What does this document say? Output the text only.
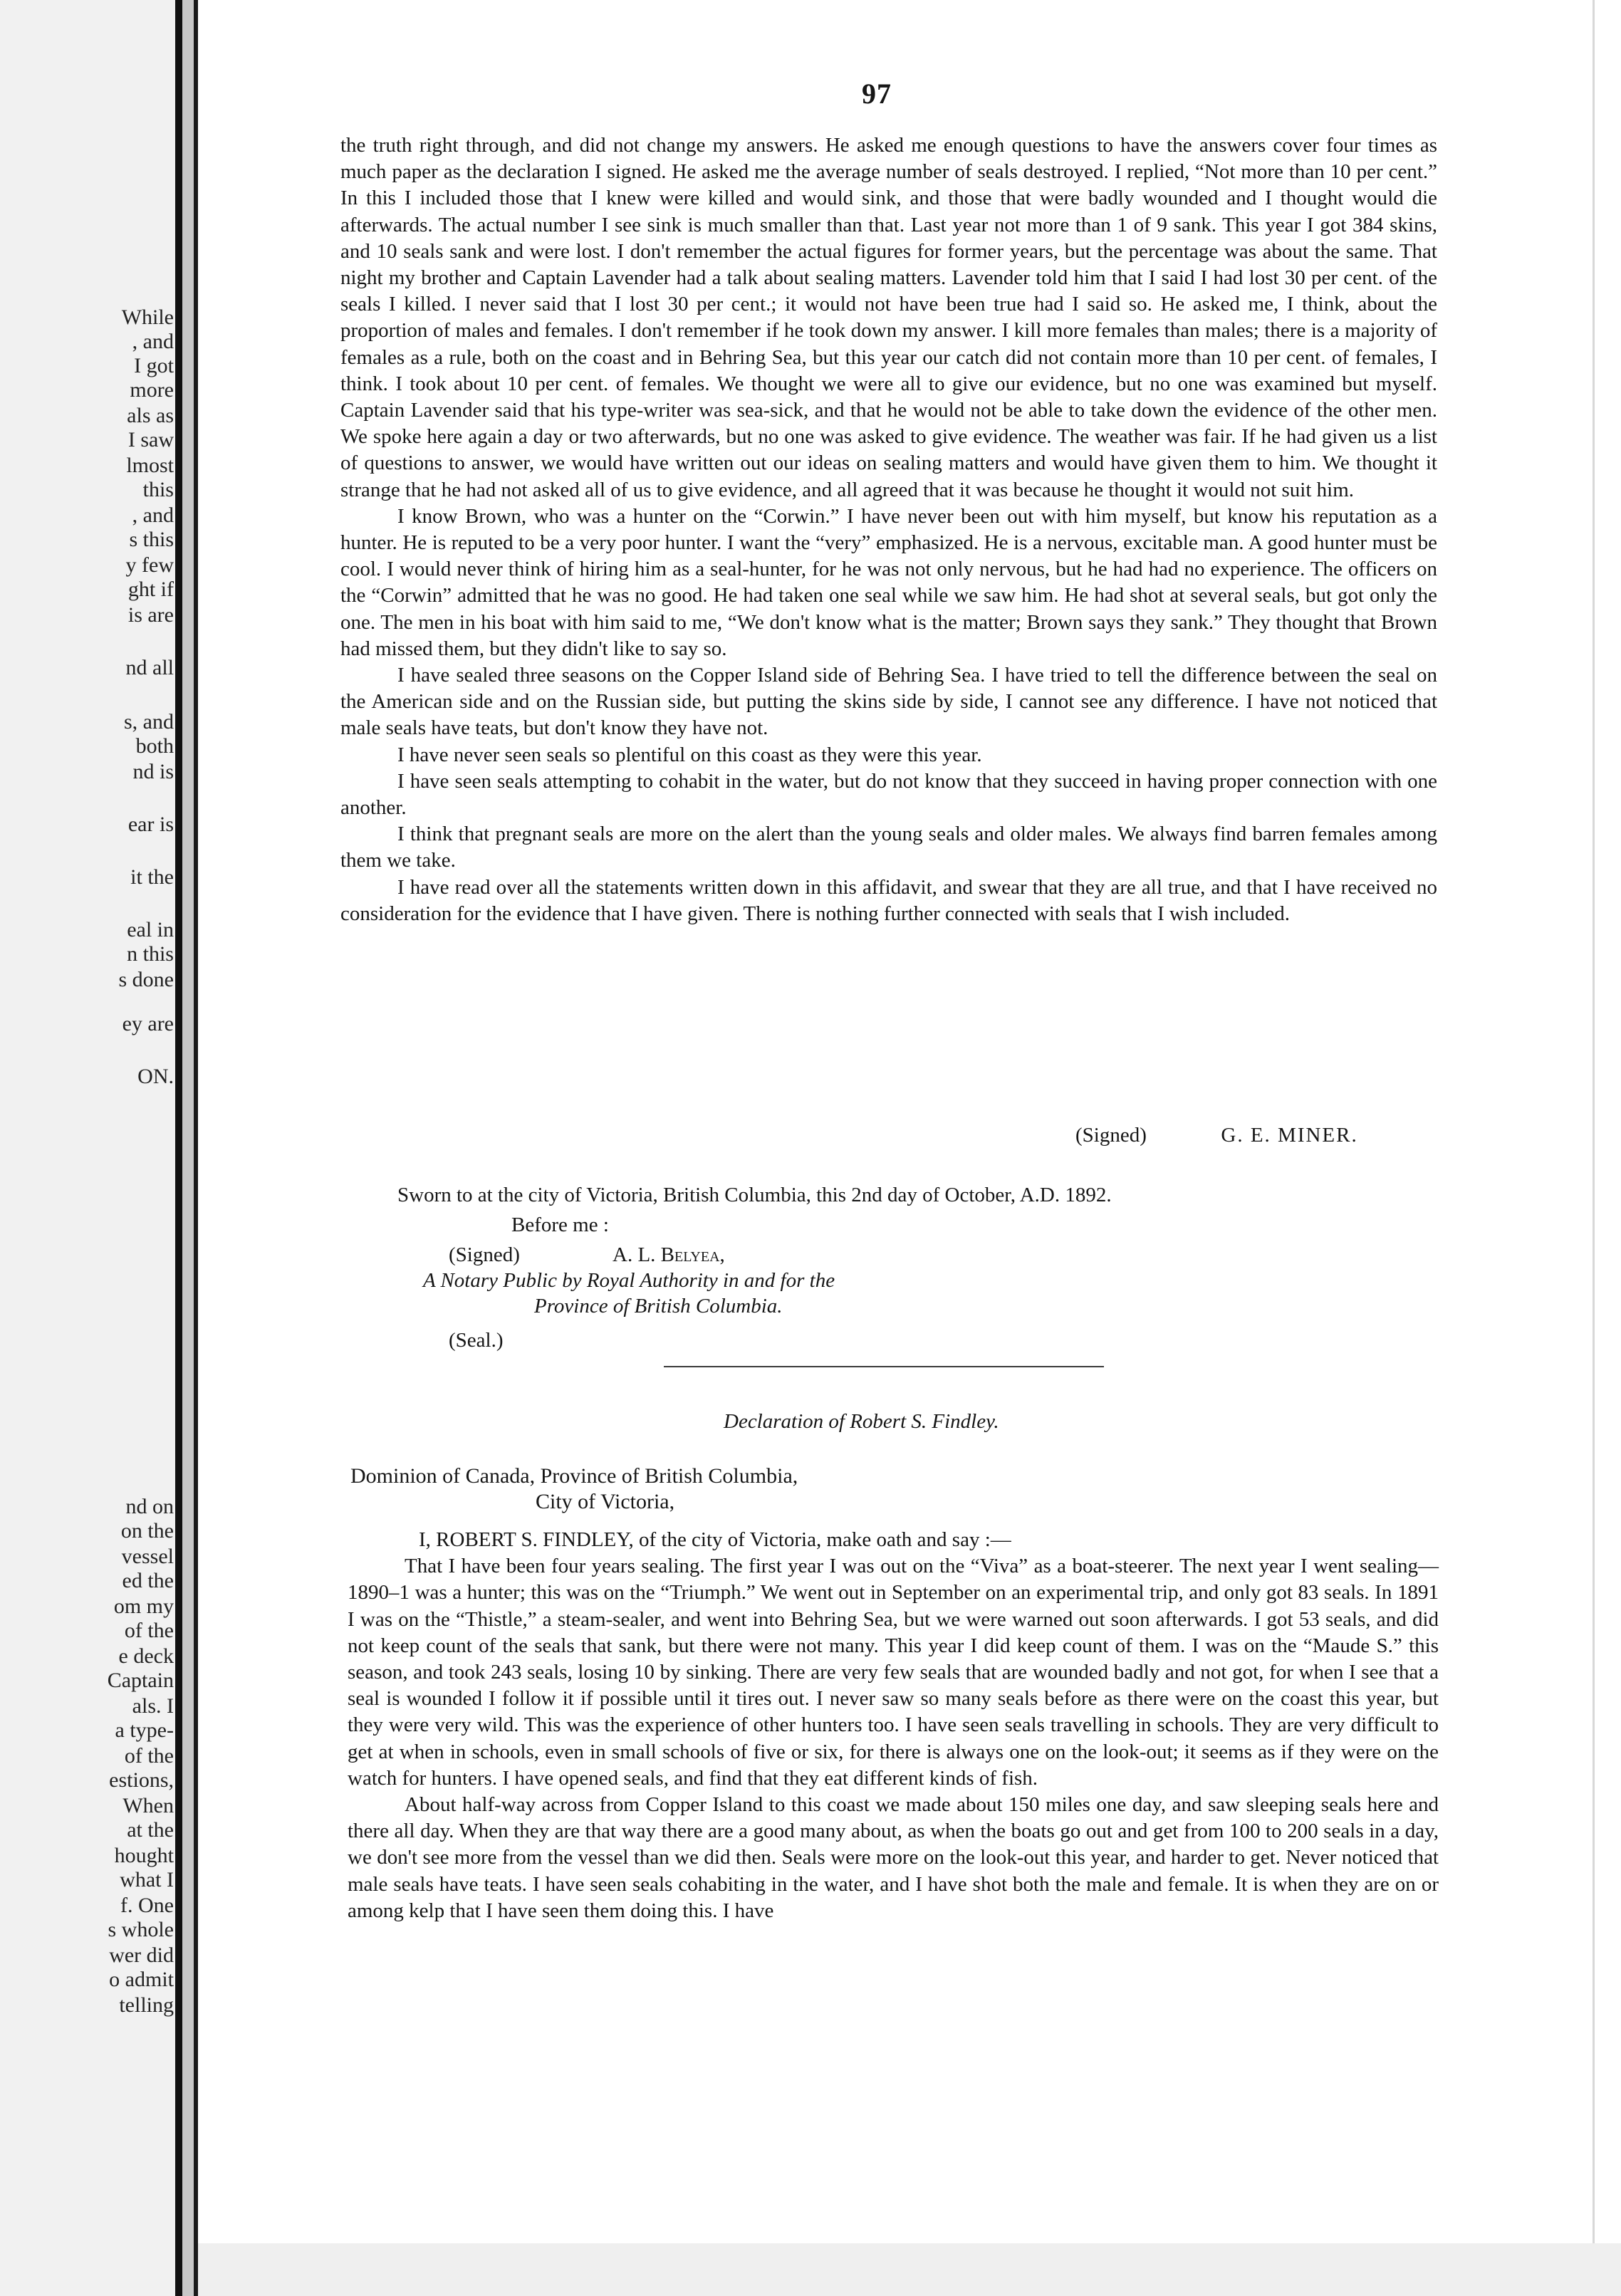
While
, and
I got
more
als as
I saw
lmost
this
, and
s this
y few
ght if
is are
nd all
s, and
both
nd is
ear is
it the
eal in
n this
s done
ey are
ON.
nd on
on the
vessel
ed the
om my
of the
e deck
Captain
als. I
a type-
of the
estions,
When
at the
hought
what I
f. One
s whole
wer did
o admit
telling
97

the truth right through, and did not change my answers. He asked me enough questions to have the answers cover four times as much paper as the declaration I signed. He asked me the average number of seals destroyed. I replied, “Not more than 10 per cent.” In this I included those that I knew were killed and would sink, and those that were badly wounded and I thought would die afterwards. The actual number I see sink is much smaller than that. Last year not more than 1 of 9 sank. This year I got 384 skins, and 10 seals sank and were lost. I don't remember the actual figures for former years, but the percentage was about the same. That night my brother and Captain Lavender had a talk about sealing matters. Lavender told him that I said I had lost 30 per cent. of the seals I killed. I never said that I lost 30 per cent.; it would not have been true had I said so. He asked me, I think, about the proportion of males and females. I don't remember if he took down my answer. I kill more females than males; there is a majority of females as a rule, both on the coast and in Behring Sea, but this year our catch did not contain more than 10 per cent. of females, I think. I took about 10 per cent. of females. We thought we were all to give our evidence, but no one was examined but myself. Captain Lavender said that his type-writer was sea-sick, and that he would not be able to take down the evidence of the other men. We spoke here again a day or two afterwards, but no one was asked to give evidence. The weather was fair. If he had given us a list of questions to answer, we would have written out our ideas on sealing matters and would have given them to him. We thought it strange that he had not asked all of us to give evidence, and all agreed that it was because he thought it would not suit him.

I know Brown, who was a hunter on the “Corwin.” I have never been out with him myself, but know his reputation as a hunter. He is reputed to be a very poor hunter. I want the “very” emphasized. He is a nervous, excitable man. A good hunter must be cool. I would never think of hiring him as a seal-hunter, for he was not only nervous, but he had had no experience. The officers on the “Corwin” admitted that he was no good. He had taken one seal while we saw him. He had shot at several seals, but got only the one. The men in his boat with him said to me, “We don't know what is the matter; Brown says they sank.” They thought that Brown had missed them, but they didn't like to say so.

I have sealed three seasons on the Copper Island side of Behring Sea. I have tried to tell the difference between the seal on the American side and on the Russian side, but putting the skins side by side, I cannot see any difference. I have not noticed that male seals have teats, but don't know they have not.

I have never seen seals so plentiful on this coast as they were this year.

I have seen seals attempting to cohabit in the water, but do not know that they succeed in having proper connection with one another.

I think that pregnant seals are more on the alert than the young seals and older males. We always find barren females among them we take.

I have read over all the statements written down in this affidavit, and swear that they are all true, and that I have received no consideration for the evidence that I have given. There is nothing further connected with seals that I wish included.

(Signed)	G. E. MINER.
Sworn to at the city of Victoria, British Columbia, this 2nd day of October, A.D. 1892.
Before me :
(Signed)	A. L. Belyea,
A Notary Public by Royal Authority in and for the
Province of British Columbia.
(Seal.)
Declaration of Robert S. Findley.
Dominion of Canada, Province of British Columbia,
City of Victoria,

I, ROBERT S. FINDLEY, of the city of Victoria, make oath and say :—

That I have been four years sealing. The first year I was out on the “Viva” as a boat-steerer. The next year I went sealing—1890–1 was a hunter; this was on the “Triumph.” We went out in September on an experimental trip, and only got 83 seals. In 1891 I was on the “Thistle,” a steam-sealer, and went into Behring Sea, but we were warned out soon afterwards. I got 53 seals, and did not keep count of the seals that sank, but there were not many. This year I did keep count of them. I was on the “Maude S.” this season, and took 243 seals, losing 10 by sinking. There are very few seals that are wounded badly and not got, for when I see that a seal is wounded I follow it if possible until it tires out. I never saw so many seals before as there were on the coast this year, but they were very wild. This was the experience of other hunters too. I have seen seals travelling in schools. They are very difficult to get at when in schools, even in small schools of five or six, for there is always one on the look-out; it seems as if they were on the watch for hunters. I have opened seals, and find that they eat different kinds of fish.

About half-way across from Copper Island to this coast we made about 150 miles one day, and saw sleeping seals here and there all day. When they are that way there are a good many about, as when the boats go out and get from 100 to 200 seals in a day, we don't see more from the vessel than we did then. Seals were more on the look-out this year, and harder to get. Never noticed that male seals have teats. I have seen seals cohabiting in the water, and I have shot both the male and female. It is when they are on or among kelp that I have seen them doing this. I have
